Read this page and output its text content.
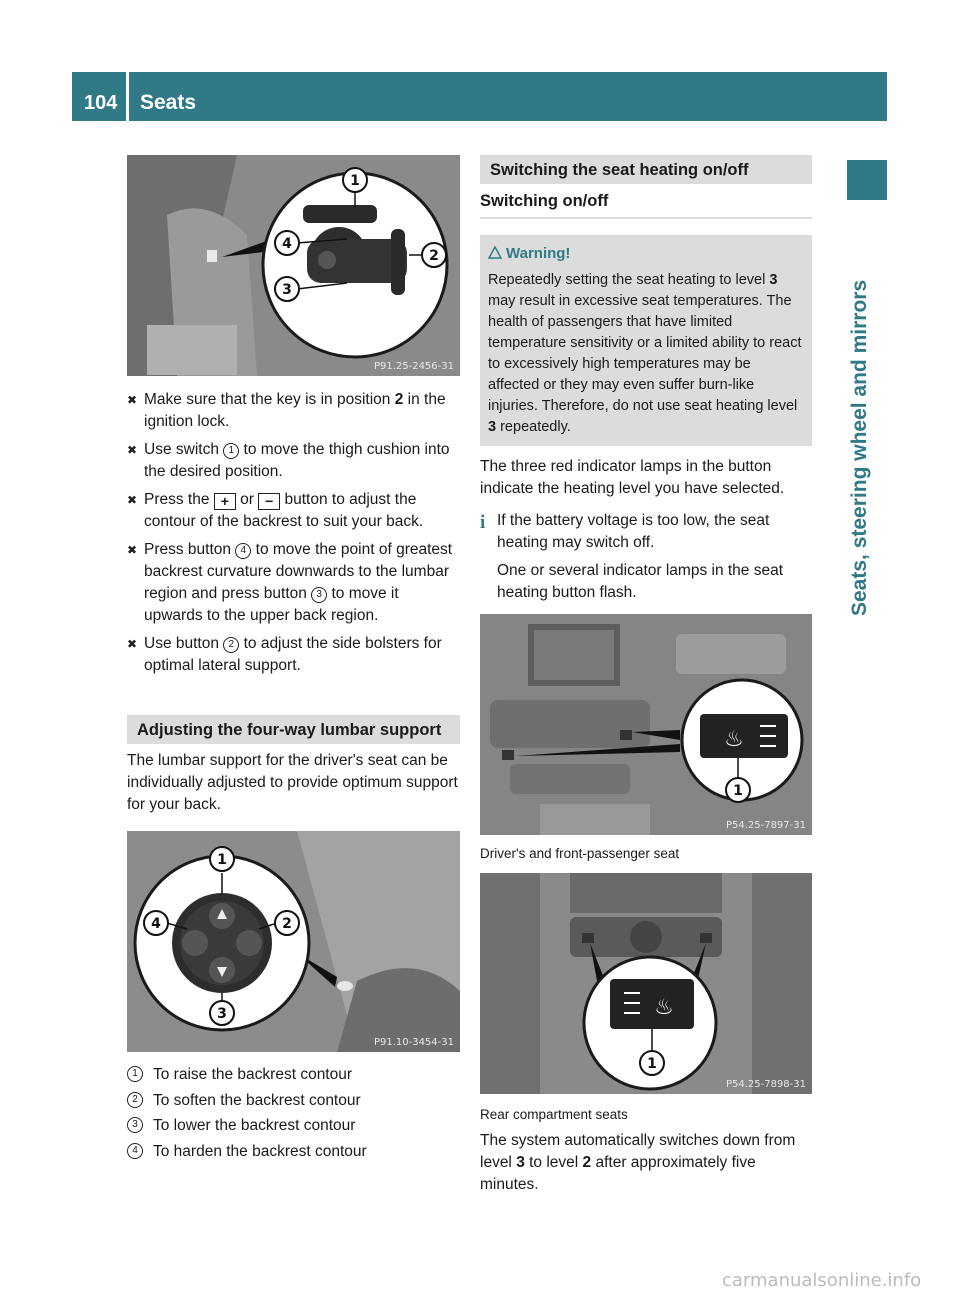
104	Seats
Seats, steering wheel and mirrors
1
2
3
4
P91.25-2456-31
✖ Make sure that the key is in position 2 in the ignition lock.
✖ Use switch 1 to move the thigh cushion into the desired position.
✖ Press the + or − button to adjust the contour of the backrest to suit your back.
✖ Press button 4 to move the point of greatest backrest curvature downwards to the lumbar region and press button 3 to move it upwards to the upper back region.
✖ Use button 2 to adjust the side bolsters for optimal lateral support.
Adjusting the four-way lumbar support
The lumbar support for the driver's seat can be individually adjusted to provide optimum support for your back.
1
2
3
4
P91.10-3454-31
1 To raise the backrest contour
2 To soften the backrest contour
3 To lower the backrest contour
4 To harden the backrest contour
Switching the seat heating on/off
Switching on/off
Warning!
Repeatedly setting the seat heating to level 3 may result in excessive seat temperatures. The health of passengers that have limited temperature sensitivity or a limited ability to react to excessively high temperatures may be affected or they may even suffer burn-like injuries. Therefore, do not use seat heating level 3 repeatedly.
The three red indicator lamps in the button indicate the heating level you have selected.
i If the battery voltage is too low, the seat heating may switch off.
One or several indicator lamps in the seat heating button flash.
♨
1
P54.25-7897-31
Driver's and front-passenger seat
♨
1
P54.25-7898-31
Rear compartment seats
The system automatically switches down from level 3 to level 2 after approximately five minutes.
carmanualsonline.info
